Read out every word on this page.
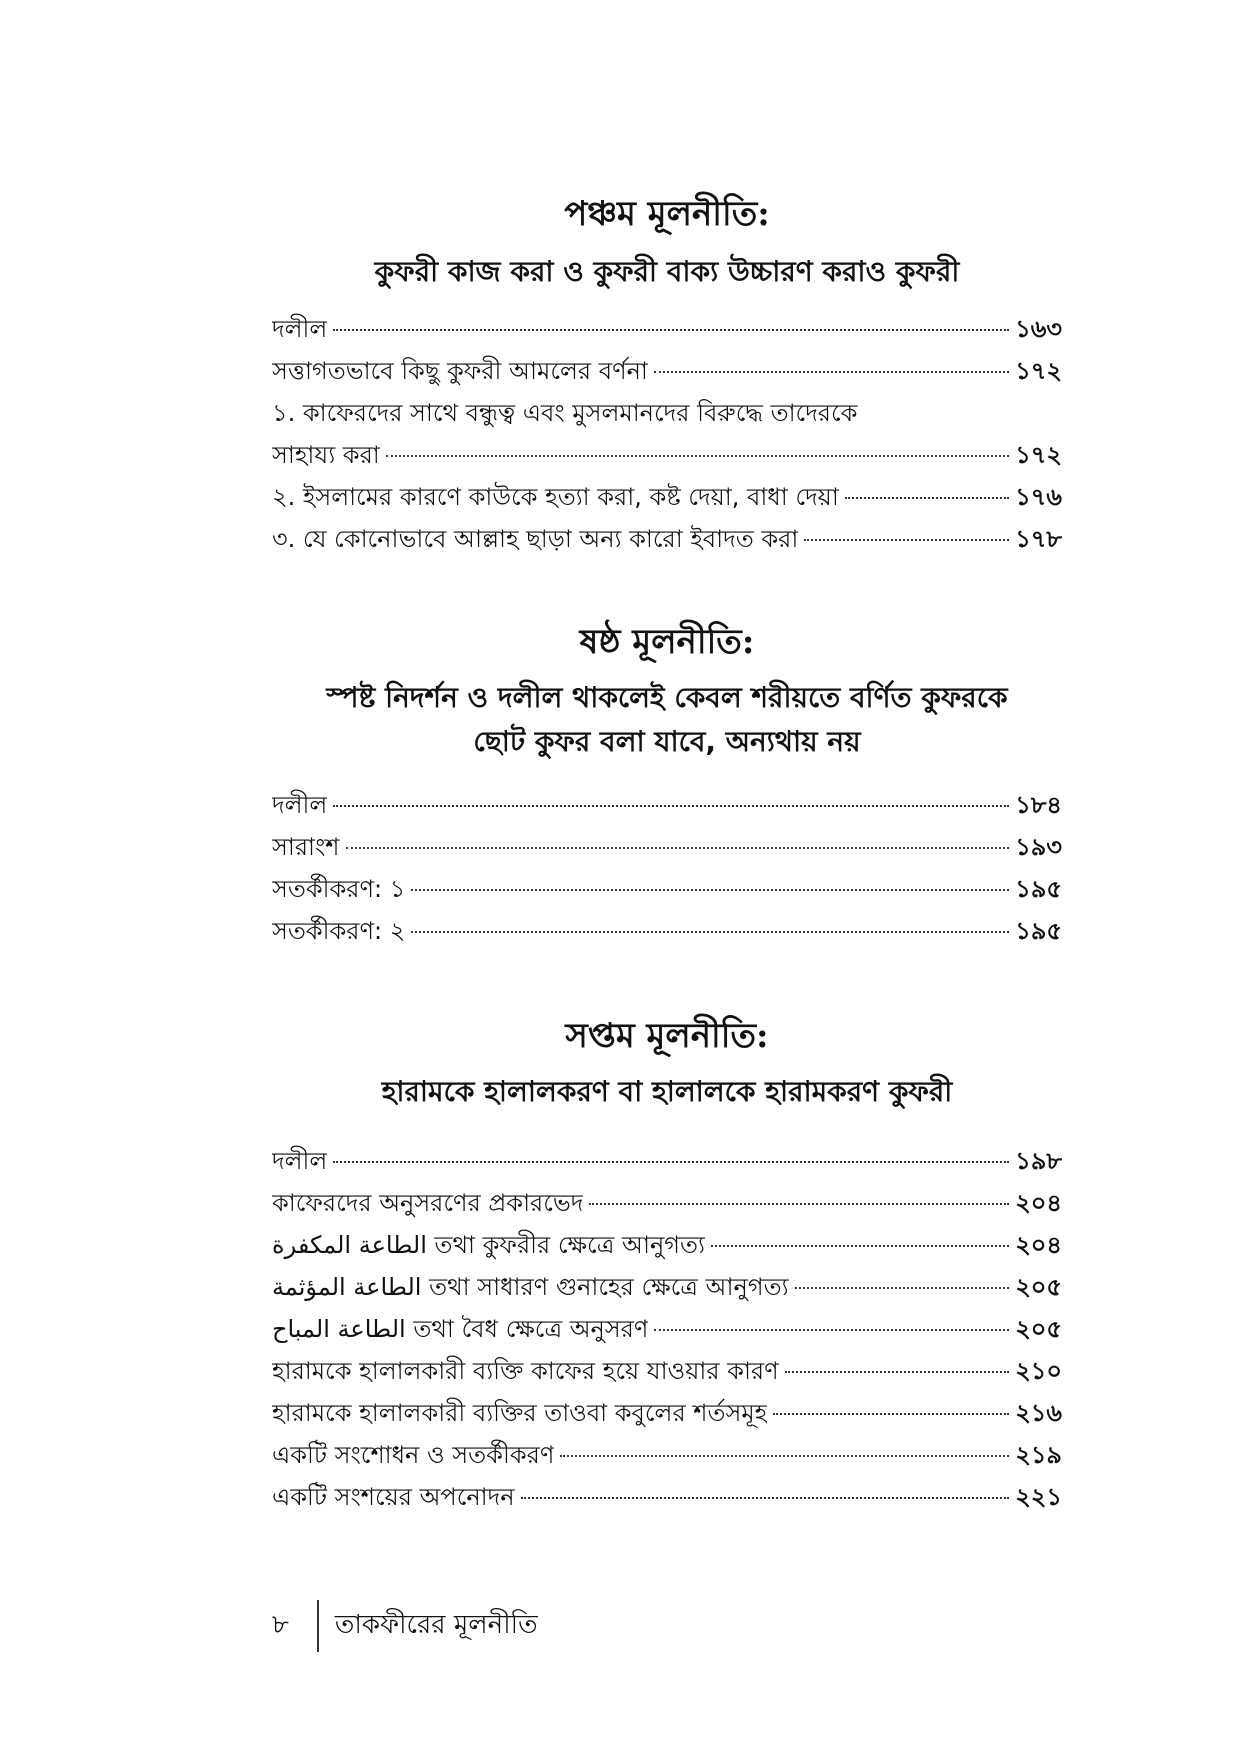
পঞ্চম মূলনীতি:

কুফরী কাজ করা ও কুফরী বাক্য উচ্চারণ করাও কুফরী

দলীল	১৬৩
সত্তাগতভাবে কিছু কুফরী আমলের বর্ণনা	১৭২
১. কাফেরদের সাথে বন্ধুত্ব এবং মুসলমানদের বিরুদ্ধে তাদেরকে
সাহায্য করা	১৭২
২. ইসলামের কারণে কাউকে হত্যা করা, কষ্ট দেয়া, বাধা দেয়া	১৭৬
৩. যে কোনোভাবে আল্লাহ ছাড়া অন্য কারো ইবাদত করা	১৭৮
ষষ্ঠ মূলনীতি:

স্পষ্ট নিদর্শন ও দলীল থাকলেই কেবল শরীয়তে বর্ণিত কুফরকে

ছোট কুফর বলা যাবে, অন্যথায় নয়

দলীল	১৮৪
সারাংশ	১৯৩
সতর্কীকরণ: ১	১৯৫
সতর্কীকরণ: ২	১৯৫
সপ্তম মূলনীতি:

হারামকে হালালকরণ বা হালালকে হারামকরণ কুফরী

দলীল	১৯৮
কাফেরদের অনুসরণের প্রকারভেদ	২০৪
الطاعة المكفرة তথা কুফরীর ক্ষেত্রে আনুগত্য	২০৪
الطاعة المؤثمة তথা সাধারণ গুনাহের ক্ষেত্রে আনুগত্য	২০৫
الطاعة المباح তথা বৈধ ক্ষেত্রে অনুসরণ	২০৫
হারামকে হালালকারী ব্যক্তি কাফের হয়ে যাওয়ার কারণ	২১০
হারামকে হালালকারী ব্যক্তির তাওবা কবুলের শর্তসমূহ	২১৬
একটি সংশোধন ও সতর্কীকরণ	২১৯
একটি সংশয়ের অপনোদন	২২১
৮ তাকফীরের মূলনীতি
